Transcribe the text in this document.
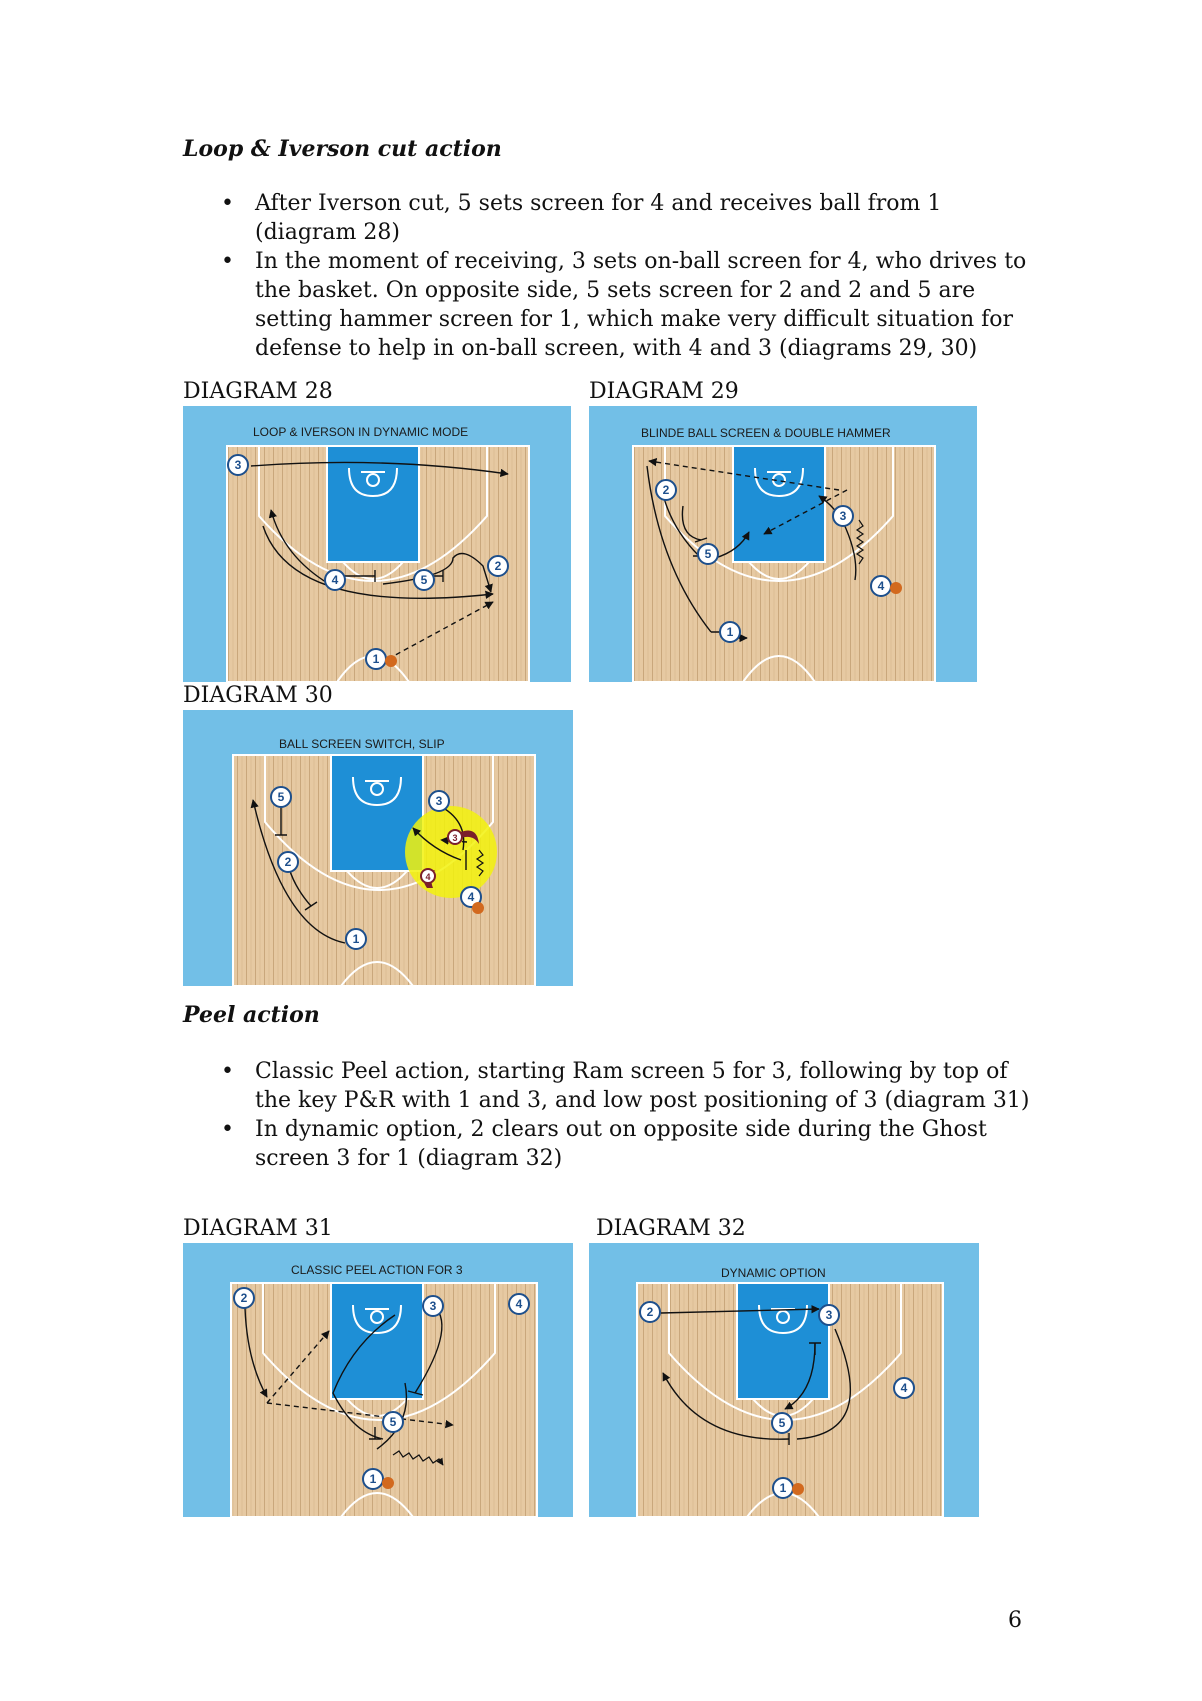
Loop & Iverson cut action
• After Iverson cut, 5 sets screen for 4 and receives ball from 1 (diagram 28)
• In the moment of receiving, 3 sets on-ball screen for 4, who drives to the basket. On opposite side, 5 sets screen for 2 and 2 and 5 are setting hammer screen for 1, which make very difficult situation for defense to help in on-ball screen, with 4 and 3 (diagrams 29, 30)
DIAGRAM 28	DIAGRAM 29
LOOP & IVERSON IN DYNAMIC MODE
3
4	5
2
1
BLINDE BALL SCREEN & DOUBLE HAMMER
2
3
5
4
1
DIAGRAM 30
BALL SCREEN SWITCH, SLIP
3
4
5	3
2
4
1
Peel action
• Classic Peel action, starting Ram screen 5 for 3, following by top of the key P&R with 1 and 3, and low post positioning of 3 (diagram 31)
• In dynamic option, 2 clears out on opposite side during the Ghost screen 3 for 1 (diagram 32)
DIAGRAM 31	DIAGRAM 32
CLASSIC PEEL ACTION FOR 3
2
3	4
5
1
DYNAMIC OPTION
2	3
4
5
1
6
